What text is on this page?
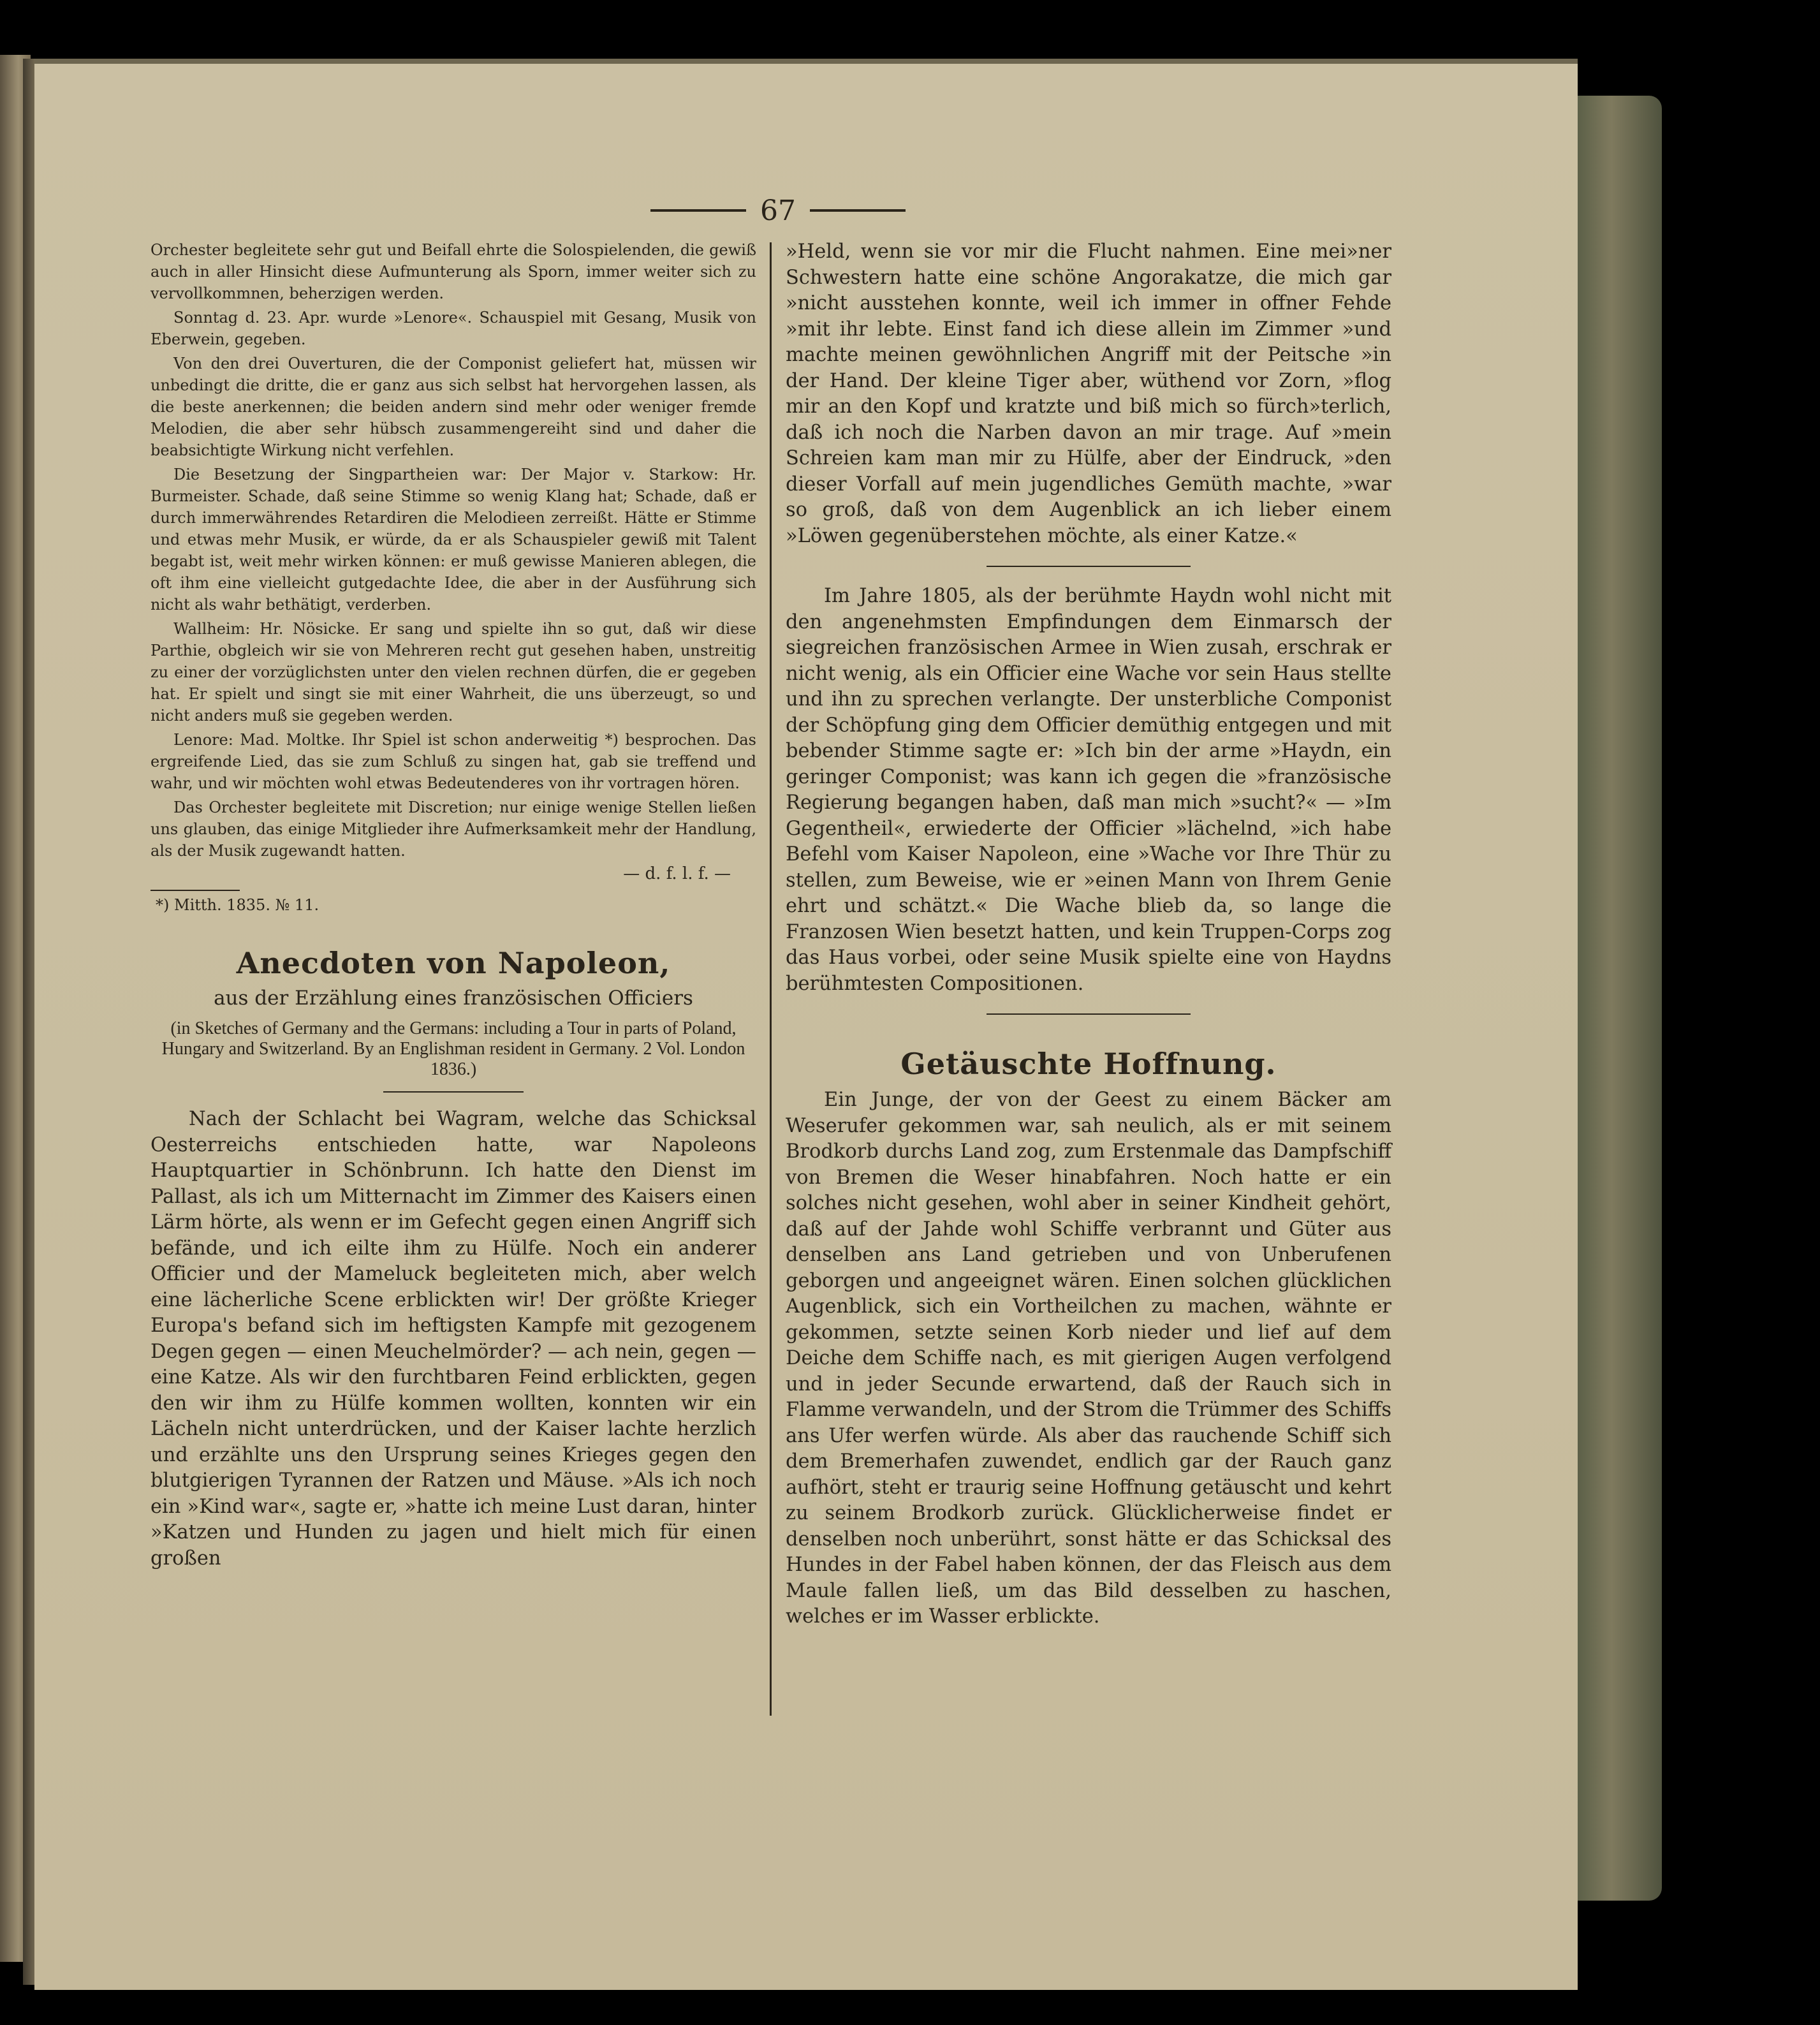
67

Orchester begleitete sehr gut und Beifall ehrte die Solospielenden, die gewiß auch in aller Hinsicht diese Aufmunterung als Sporn, immer weiter sich zu vervollkommnen, beherzigen werden.

Sonntag d. 23. Apr. wurde »Lenore«. Schauspiel mit Gesang, Musik von Eberwein, gegeben.

Von den drei Ouverturen, die der Componist geliefert hat, müssen wir unbedingt die dritte, die er ganz aus sich selbst hat hervorgehen lassen, als die beste anerkennen; die beiden andern sind mehr oder weniger fremde Melodien, die aber sehr hübsch zusammengereiht sind und daher die beabsichtigte Wirkung nicht verfehlen.

Die Besetzung der Singpartheien war: Der Major v. Starkow: Hr. Burmeister. Schade, daß seine Stimme so wenig Klang hat; Schade, daß er durch immerwährendes Retardiren die Melodieen zerreißt. Hätte er Stimme und etwas mehr Musik, er würde, da er als Schauspieler gewiß mit Talent begabt ist, weit mehr wirken können: er muß gewisse Manieren ablegen, die oft ihm eine vielleicht gutgedachte Idee, die aber in der Ausführung sich nicht als wahr bethätigt, verderben.

Wallheim: Hr. Nösicke. Er sang und spielte ihn so gut, daß wir diese Parthie, obgleich wir sie von Mehreren recht gut gesehen haben, unstreitig zu einer der vorzüglichsten unter den vielen rechnen dürfen, die er gegeben hat. Er spielt und singt sie mit einer Wahrheit, die uns überzeugt, so und nicht anders muß sie gegeben werden.

Lenore: Mad. Moltke. Ihr Spiel ist schon anderweitig *) besprochen. Das ergreifende Lied, das sie zum Schluß zu singen hat, gab sie treffend und wahr, und wir möchten wohl etwas Bedeutenderes von ihr vortragen hören.

Das Orchester begleitete mit Discretion; nur einige wenige Stellen ließen uns glauben, das einige Mitglieder ihre Aufmerksamkeit mehr der Handlung, als der Musik zugewandt hatten.

— d. f. l. f. —
*) Mitth. 1835. № 11.
Anecdoten von Napoleon,
aus der Erzählung eines französischen Officiers
(in Sketches of Germany and the Germans: including a Tour in parts of Poland, Hungary and Switzerland. By an Englishman resident in Germany. 2 Vol. London 1836.)

Nach der Schlacht bei Wagram, welche das Schicksal Oesterreichs entschieden hatte, war Napoleons Hauptquartier in Schönbrunn. Ich hatte den Dienst im Pallast, als ich um Mitternacht im Zimmer des Kaisers einen Lärm hörte, als wenn er im Gefecht gegen einen Angriff sich befände, und ich eilte ihm zu Hülfe. Noch ein anderer Officier und der Mameluck begleiteten mich, aber welch eine lächerliche Scene erblickten wir! Der größte Krieger Europa's befand sich im heftigsten Kampfe mit gezogenem Degen gegen — einen Meuchelmörder? — ach nein, gegen — eine Katze. Als wir den furchtbaren Feind erblickten, gegen den wir ihm zu Hülfe kommen wollten, konnten wir ein Lächeln nicht unterdrücken, und der Kaiser lachte herzlich und erzählte uns den Ursprung seines Krieges gegen den blutgierigen Tyrannen der Ratzen und Mäuse. »Als ich noch ein »Kind war«, sagte er, »hatte ich meine Lust daran, hinter »Katzen und Hunden zu jagen und hielt mich für einen großen

»Held, wenn sie vor mir die Flucht nahmen. Eine mei»ner Schwestern hatte eine schöne Angorakatze, die mich gar »nicht ausstehen konnte, weil ich immer in offner Fehde »mit ihr lebte. Einst fand ich diese allein im Zimmer »und machte meinen gewöhnlichen Angriff mit der Peitsche »in der Hand. Der kleine Tiger aber, wüthend vor Zorn, »flog mir an den Kopf und kratzte und biß mich so fürch»terlich, daß ich noch die Narben davon an mir trage. Auf »mein Schreien kam man mir zu Hülfe, aber der Eindruck, »den dieser Vorfall auf mein jugendliches Gemüth machte, »war so groß, daß von dem Augenblick an ich lieber einem »Löwen gegenüberstehen möchte, als einer Katze.«

Im Jahre 1805, als der berühmte Haydn wohl nicht mit den angenehmsten Empfindungen dem Einmarsch der siegreichen französischen Armee in Wien zusah, erschrak er nicht wenig, als ein Officier eine Wache vor sein Haus stellte und ihn zu sprechen verlangte. Der unsterbliche Componist der Schöpfung ging dem Officier demüthig entgegen und mit bebender Stimme sagte er: »Ich bin der arme »Haydn, ein geringer Componist; was kann ich gegen die »französische Regierung begangen haben, daß man mich »sucht?« — »Im Gegentheil«, erwiederte der Officier »lächelnd, »ich habe Befehl vom Kaiser Napoleon, eine »Wache vor Ihre Thür zu stellen, zum Beweise, wie er »einen Mann von Ihrem Genie ehrt und schätzt.« Die Wache blieb da, so lange die Franzosen Wien besetzt hatten, und kein Truppen-Corps zog das Haus vorbei, oder seine Musik spielte eine von Haydns berühmtesten Compositionen.

Getäuschte Hoffnung.

Ein Junge, der von der Geest zu einem Bäcker am Weserufer gekommen war, sah neulich, als er mit seinem Brodkorb durchs Land zog, zum Erstenmale das Dampfschiff von Bremen die Weser hinabfahren. Noch hatte er ein solches nicht gesehen, wohl aber in seiner Kindheit gehört, daß auf der Jahde wohl Schiffe verbrannt und Güter aus denselben ans Land getrieben und von Unberufenen geborgen und angeeignet wären. Einen solchen glücklichen Augenblick, sich ein Vortheilchen zu machen, wähnte er gekommen, setzte seinen Korb nieder und lief auf dem Deiche dem Schiffe nach, es mit gierigen Augen verfolgend und in jeder Secunde erwartend, daß der Rauch sich in Flamme verwandeln, und der Strom die Trümmer des Schiffs ans Ufer werfen würde. Als aber das rauchende Schiff sich dem Bremerhafen zuwendet, endlich gar der Rauch ganz aufhört, steht er traurig seine Hoffnung getäuscht und kehrt zu seinem Brodkorb zurück. Glücklicherweise findet er denselben noch unberührt, sonst hätte er das Schicksal des Hundes in der Fabel haben können, der das Fleisch aus dem Maule fallen ließ, um das Bild desselben zu haschen, welches er im Wasser erblickte.
